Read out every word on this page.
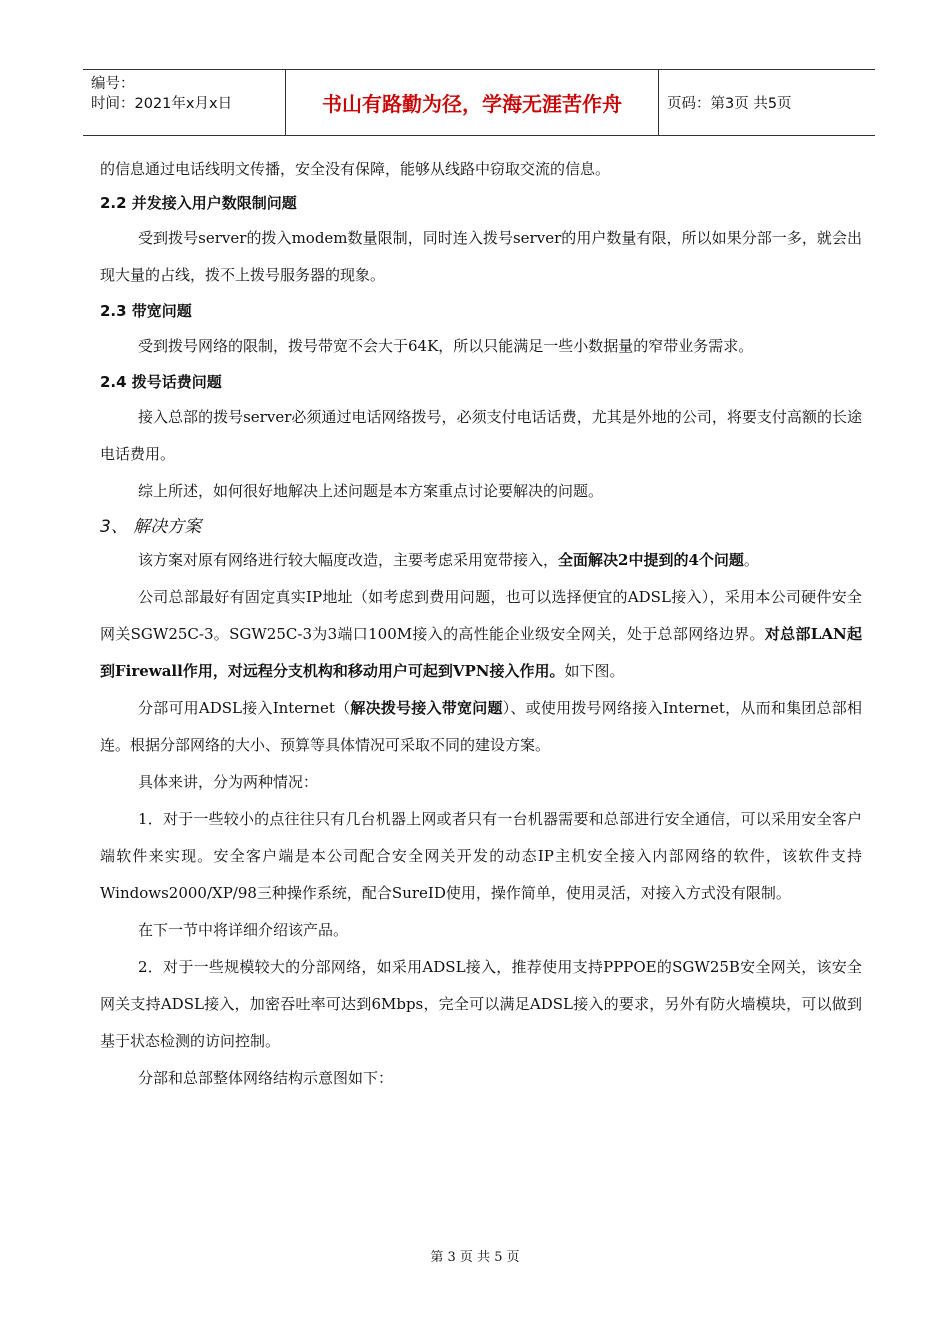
编号：
时间：2021年x月x日	书山有路勤为径，学海无涯苦作舟	页码：第3页 共5页

的信息通过电话线明文传播，安全没有保障，能够从线路中窃取交流的信息。

2.2 并发接入用户数限制问题

受到拨号server的拨入modem数量限制，同时连入拨号server的用户数量有限，所以如果分部一多，就会出现大量的占线，拨不上拨号服务器的现象。

2.3 带宽问题

受到拨号网络的限制，拨号带宽不会大于64K，所以只能满足一些小数据量的窄带业务需求。

2.4 拨号话费问题

接入总部的拨号server必须通过电话网络拨号，必须支付电话话费，尤其是外地的公司，将要支付高额的长途电话费用。

综上所述，如何很好地解决上述问题是本方案重点讨论要解决的问题。

3、 解决方案

该方案对原有网络进行较大幅度改造，主要考虑采用宽带接入，全面解决2中提到的4个问题。

公司总部最好有固定真实IP地址（如考虑到费用问题，也可以选择便宜的ADSL接入），采用本公司硬件安全网关SGW25C-3。SGW25C-3为3端口100M接入的高性能企业级安全网关，处于总部网络边界。对总部LAN起到Firewall作用，对远程分支机构和移动用户可起到VPN接入作用。如下图。

分部可用ADSL接入Internet（解决拨号接入带宽问题）、或使用拨号网络接入Internet，从而和集团总部相连。根据分部网络的大小、预算等具体情况可采取不同的建设方案。

具体来讲，分为两种情况：

1．对于一些较小的点往往只有几台机器上网或者只有一台机器需要和总部进行安全通信，可以采用安全客户端软件来实现。安全客户端是本公司配合安全网关开发的动态IP主机安全接入内部网络的软件，该软件支持Windows2000/XP/98三种操作系统，配合SureID使用，操作简单，使用灵活，对接入方式没有限制。

在下一节中将详细介绍该产品。

2．对于一些规模较大的分部网络，如采用ADSL接入，推荐使用支持PPPOE的SGW25B安全网关，该安全网关支持ADSL接入，加密吞吐率可达到6Mbps，完全可以满足ADSL接入的要求，另外有防火墙模块，可以做到基于状态检测的访问控制。

分部和总部整体网络结构示意图如下：

第 3 页 共 5 页
